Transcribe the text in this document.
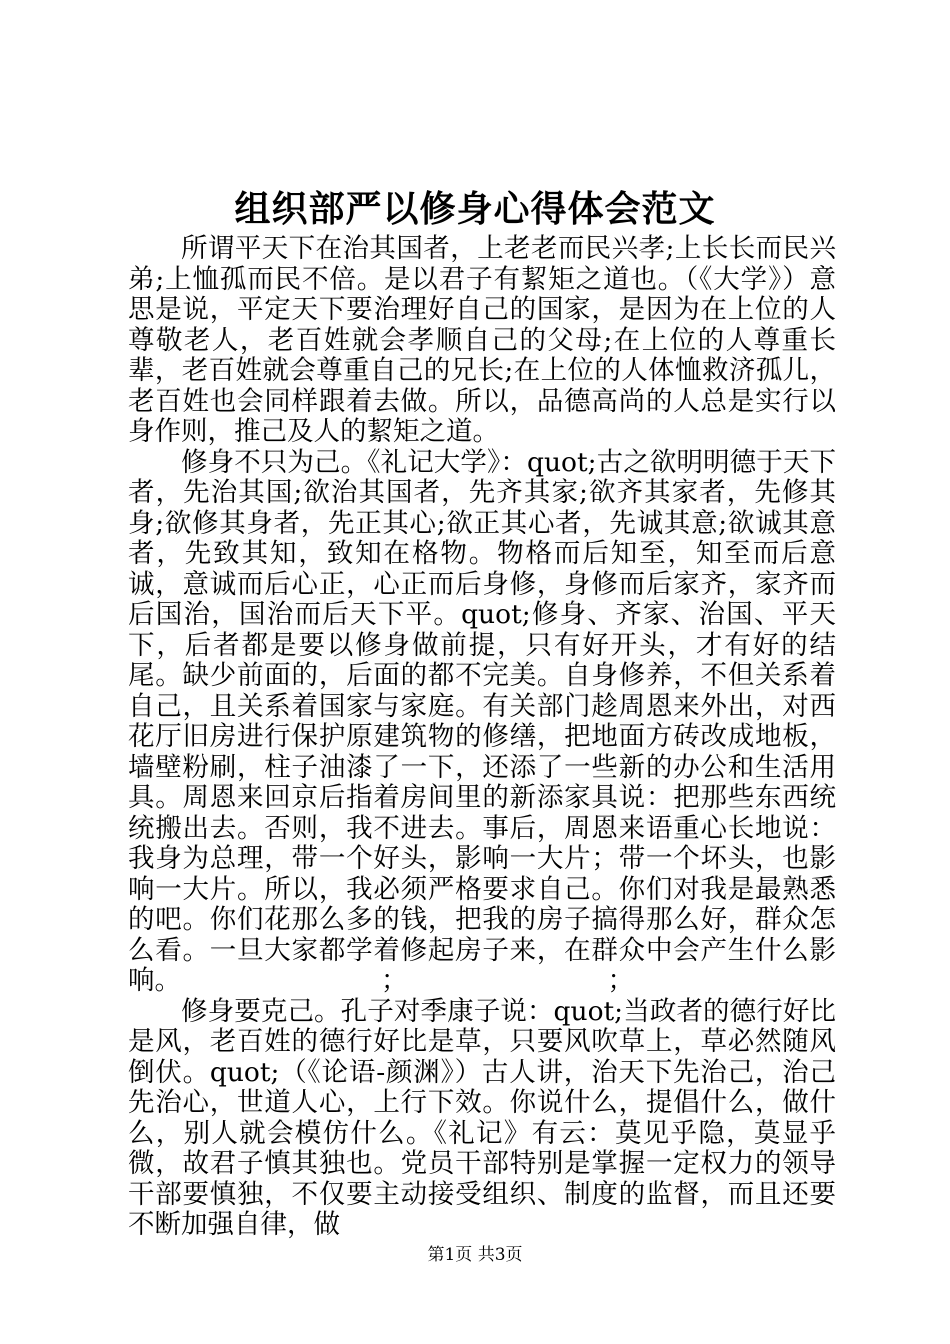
组织部严以修身心得体会范文

所谓平天下在治其国者，上老老而民兴孝;上长长而民兴弟;上恤孤而民不倍。是以君子有絜矩之道也。（《大学》）意思是说，平定天下要治理好自己的国家，是因为在上位的人尊敬老人，老百姓就会孝顺自己的父母;在上位的人尊重长辈，老百姓就会尊重自己的兄长;在上位的人体恤救济孤儿，老百姓也会同样跟着去做。所以，品德高尚的人总是实行以身作则，推己及人的絜矩之道。

修身不只为己。《礼记大学》：quot;古之欲明明德于天下者，先治其国;欲治其国者，先齐其家;欲齐其家者，先修其身;欲修其身者，先正其心;欲正其心者，先诚其意;欲诚其意者，先致其知，致知在格物。物格而后知至，知至而后意诚，意诚而后心正，心正而后身修，身修而后家齐，家齐而后国治，国治而后天下平。quot;修身、齐家、治国、平天下，后者都是要以修身做前提，只有好开头，才有好的结尾。缺少前面的，后面的都不完美。自身修养，不但关系着自己，且关系着国家与家庭。有关部门趁周恩来外出，对西花厅旧房进行保护原建筑物的修缮，把地面方砖改成地板，墙壁粉刷，柱子油漆了一下，还添了一些新的办公和生活用具。周恩来回京后指着房间里的新添家具说：把那些东西统统搬出去。否则，我不进去。事后，周恩来语重心长地说：我身为总理，带一个好头，影响一大片；带一个坏头，也影响一大片。所以，我必须严格要求自己。你们对我是最熟悉的吧。你们花那么多的钱，把我的房子搞得那么好，群众怎么看。一旦大家都学着修起房子来，在群众中会产生什么影响。	；	；

修身要克己。孔子对季康子说：quot;当政者的德行好比是风，老百姓的德行好比是草，只要风吹草上，草必然随风倒伏。quot;（《论语-颜渊》）古人讲，治天下先治己，治己先治心，世道人心，上行下效。你说什么，提倡什么，做什么，别人就会模仿什么。《礼记》有云：莫见乎隐，莫显乎微，故君子慎其独也。党员干部特别是掌握一定权力的领导干部要慎独，不仅要主动接受组织、制度的监督，而且还要不断加强自律，做

第1页 共3页
